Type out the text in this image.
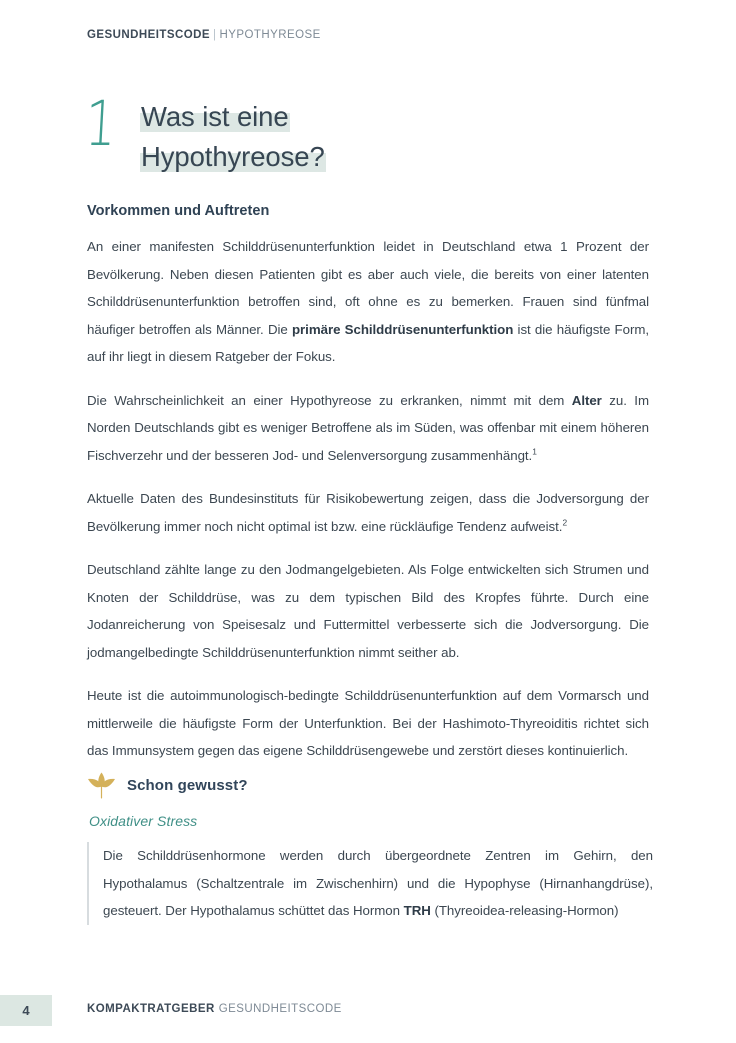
GESUNDHEITSCODE | HYPOTHYREOSE
1 Was ist eine
Hypothyreose?
Vorkommen und Auftreten

An einer manifesten Schilddrüsenunterfunktion leidet in Deutschland etwa 1 Prozent der Bevölkerung. Neben diesen Patienten gibt es aber auch viele, die bereits von einer latenten Schilddrüsenunterfunktion betroffen sind, oft ohne es zu bemerken. Frauen sind fünfmal häufiger betroffen als Männer. Die primäre Schilddrüsenunterfunktion ist die häufigste Form, auf ihr liegt in diesem Ratgeber der Fokus.

Die Wahrscheinlichkeit an einer Hypothyreose zu erkranken, nimmt mit dem Alter zu. Im Norden Deutschlands gibt es weniger Betroffene als im Süden, was offenbar mit einem höheren Fischverzehr und der besseren Jod- und Selenversorgung zusammenhängt.$^1$

Aktuelle Daten des Bundesinstituts für Risikobewertung zeigen, dass die Jodversorgung der Bevölkerung immer noch nicht optimal ist bzw. eine rückläufige Tendenz aufweist.$^2$

Deutschland zählte lange zu den Jodmangelgebieten. Als Folge entwickelten sich Strumen und Knoten der Schilddrüse, was zu dem typischen Bild des Kropfes führte. Durch eine Jodanreicherung von Speisesalz und Futtermittel verbesserte sich die Jodversorgung. Die jodmangelbedingte Schilddrüsenunterfunktion nimmt seither ab.

Heute ist die autoimmunologisch-bedingte Schilddrüsenunterfunktion auf dem Vormarsch und mittlerweile die häufigste Form der Unterfunktion. Bei der Hashimoto-Thyreoiditis richtet sich das Immunsystem gegen das eigene Schilddrüsengewebe und zerstört dieses kontinuierlich.

Schon gewusst?
Oxidativer Stress

Die Schilddrüsenhormone werden durch übergeordnete Zentren im Gehirn, den Hypothalamus (Schaltzentrale im Zwischenhirn) und die Hypophyse (Hirnanhangdrüse), gesteuert. Der Hypothalamus schüttet das Hormon TRH (Thyreoidea-releasing-Hormon)

4	KOMPAKTRATGEBER GESUNDHEITSCODE
